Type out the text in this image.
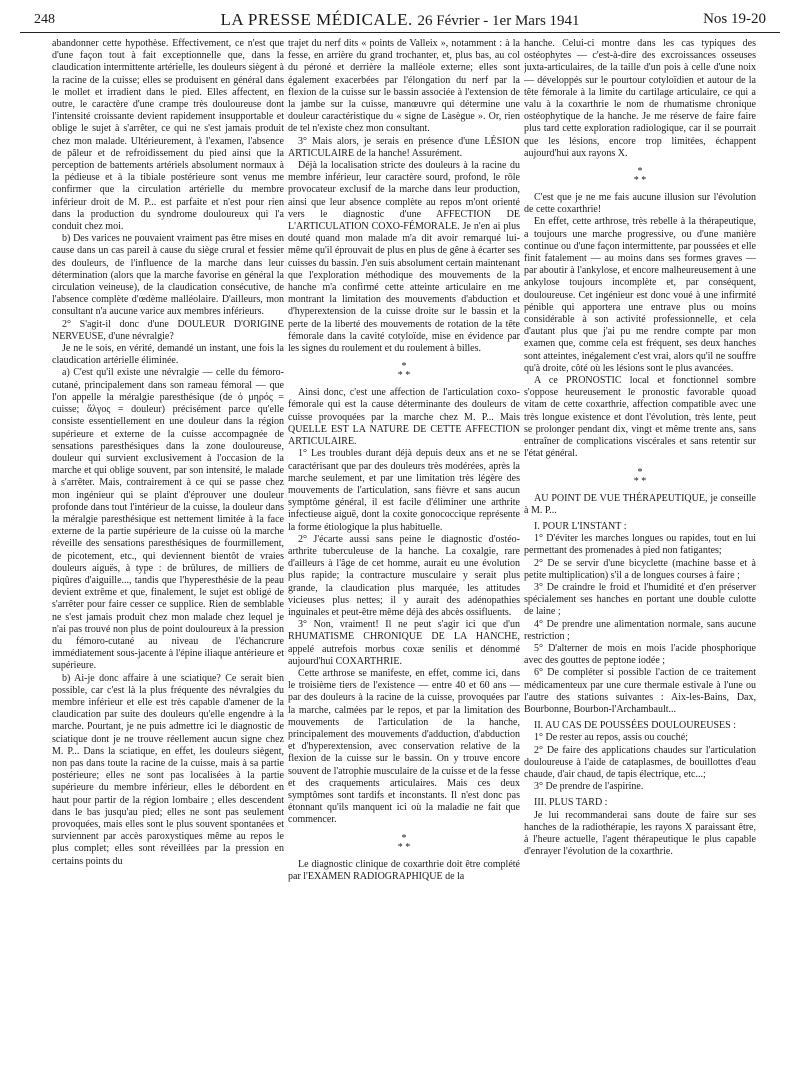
248	LA PRESSE MÉDICALE. 26 Février - 1er Mars 1941	Nos 19-20

abandonner cette hypothèse. Effectivement, ce n'est que d'une façon tout à fait exceptionnelle que, dans la claudication intermittente artérielle, les douleurs siègent à la racine de la cuisse; elles se produisent en général dans le mollet et irradient dans le pied. Elles affectent, en outre, le caractère d'une crampe très douloureuse dont l'intensité croissante devient rapidement insupportable et oblige le sujet à s'arrêter, ce qui ne s'est jamais produit chez mon malade. Ultérieurement, à l'examen, l'absence de pâleur et de refroidissement du pied ainsi que la perception de battements artériels absolument normaux à la pédieuse et à la tibiale postérieure sont venus me confirmer que la circulation artérielle du membre inférieur droit de M. P... est parfaite et n'est pour rien dans la production du syndrome douloureux qui l'a conduit chez moi.

b) Des varices ne pouvaient vraiment pas être mises en cause dans un cas pareil à cause du siège crural et fessier des douleurs, de l'influence de la marche dans leur détermination (alors que la marche favorise en général la circulation veineuse), de la claudication consécutive, de l'absence complète d'œdème malléolaire. D'ailleurs, mon consultant n'a aucune varice aux membres inférieurs.

2° S'agit-il donc d'une DOULEUR D'ORIGINE NERVEUSE, d'une névralgie?

Je ne le sois, en vérité, demandé un instant, une fois la claudication artérielle éliminée.

a) C'est qu'il existe une névralgie — celle du fémoro-cutané, principalement dans son rameau fémoral — que l'on appelle la méralgie paresthésique (de ὁ μηρός = cuisse; ἄλγος = douleur) précisément parce qu'elle consiste essentiellement en une douleur dans la région supérieure et externe de la cuisse accompagnée de sensations paresthésiques dans la zone douloureuse, douleur qui survient exclusivement à l'occasion de la marche et qui oblige souvent, par son intensité, le malade à s'arrêter. Mais, contrairement à ce qui se passe chez mon ingénieur qui se plaint d'éprouver une douleur profonde dans tout l'intérieur de la cuisse, la douleur dans la méralgie paresthésique est nettement limitée à la face externe de la partie supérieure de la cuisse où la marche réveille des sensations paresthésiques de fourmillement, de picotement, etc., qui deviennent bientôt de vraies douleurs aiguës, à type : de brûlures, de milliers de piqûres d'aiguille..., tandis que l'hyperesthésie de la peau devient extrême et que, finalement, le sujet est obligé de s'arrêter pour faire cesser ce supplice. Rien de semblable ne s'est jamais produit chez mon malade chez lequel je n'ai pas trouvé non plus de point douloureux à la pression du fémoro-cutané au niveau de l'échancrure immédiatement sous-jacente à l'épine iliaque antérieure et supérieure.

b) Ai-je donc affaire à une sciatique? Ce serait bien possible, car c'est là la plus fréquente des névralgies du membre inférieur et elle est très capable d'amener de la claudication par suite des douleurs qu'elle engendre à la marche. Pourtant, je ne puis admettre ici le diagnostic de sciatique dont je ne trouve réellement aucun signe chez M. P... Dans la sciatique, en effet, les douleurs siègent, non pas dans toute la racine de la cuisse, mais à sa partie postérieure; elles ne sont pas localisées à la partie supérieure du membre inférieur, elles le débordent en haut pour partir de la région lombaire ; elles descendent dans le bas jusqu'au pied; elles ne sont pas seulement provoquées, mais elles sont le plus souvent spontanées et surviennent par accès paroxystiques même au repos le plus complet; elles sont réveillées par la pression en certains points du

trajet du nerf dits « points de Valleix », notamment : à la fesse, en arrière du grand trochanter, et, plus bas, au col du péroné et derrière la malléole externe; elles sont également exacerbées par l'élongation du nerf par la flexion de la cuisse sur le bassin associée à l'extension de la jambe sur la cuisse, manœuvre qui détermine une douleur caractéristique du « signe de Lasègue ». Or, rien de tel n'existe chez mon consultant.

3° Mais alors, je serais en présence d'une LÉSION ARTICULAIRE de la hanche! Assurément.

Déjà la localisation stricte des douleurs à la racine du membre inférieur, leur caractère sourd, profond, le rôle provocateur exclusif de la marche dans leur production, ainsi que leur absence complète au repos m'ont orienté vers le diagnostic d'une AFFECTION DE L'ARTICULATION COXO-FÉMORALE. Je n'en ai plus douté quand mon malade m'a dit avoir remarqué lui-même qu'il éprouvait de plus en plus de gêne à écarter ses cuisses du bassin. J'en suis absolument certain maintenant que l'exploration méthodique des mouvements de la hanche m'a confirmé cette atteinte articulaire en me montrant la limitation des mouvements d'abduction et d'hyperextension de la cuisse droite sur le bassin et la perte de la liberté des mouvements de rotation de la tête fémorale dans la cavité cotyloïde, mise en évidence par les signes du roulement et du roulement à billes.

*
* *

Ainsi donc, c'est une affection de l'articulation coxo-fémorale qui est la cause déterminante des douleurs de cuisse provoquées par la marche chez M. P... Mais QUELLE EST LA NATURE DE CETTE AFFECTION ARTICULAIRE.

1° Les troubles durant déjà depuis deux ans et ne se caractérisant que par des douleurs très modérées, après la marche seulement, et par une limitation très légère des mouvements de l'articulation, sans fièvre et sans aucun symptôme général, il est facile d'éliminer une arthrite infectieuse aiguë, dont la coxite gonococcique représente la forme étiologique la plus habituelle.

2° J'écarte aussi sans peine le diagnostic d'ostéo-arthrite tuberculeuse de la hanche. La coxalgie, rare d'ailleurs à l'âge de cet homme, aurait eu une évolution plus rapide; la contracture musculaire y serait plus grande, la claudication plus marquée, les attitudes vicieuses plus nettes; il y aurait des adénopathies inguinales et peut-être même déjà des abcès ossifluents.

3° Non, vraiment! Il ne peut s'agir ici que d'un RHUMATISME CHRONIQUE DE LA HANCHE, appelé autrefois morbus coxæ senilis et dénommé aujourd'hui COXARTHRIE.

Cette arthrose se manifeste, en effet, comme ici, dans le troisième tiers de l'existence — entre 40 et 60 ans — par des douleurs à la racine de la cuisse, provoquées par la marche, calmées par le repos, et par la limitation des mouvements de l'articulation de la hanche, principalement des mouvements d'adduction, d'abduction et d'hyperextension, avec conservation relative de la flexion de la cuisse sur le bassin. On y trouve encore souvent de l'atrophie musculaire de la cuisse et de la fesse et des craquements articulaires. Mais ces deux symptômes sont tardifs et inconstants. Il n'est donc pas étonnant qu'ils manquent ici où la maladie ne fait que commencer.

*
* *

Le diagnostic clinique de coxarthrie doit être complété par l'EXAMEN RADIOGRAPHIQUE de la

hanche. Celui-ci montre dans les cas typiques des ostéophytes — c'est-à-dire des excroissances osseuses juxta-articulaires, de la taille d'un pois à celle d'une noix — développés sur le pourtour cotyloïdien et autour de la tête fémorale à la limite du cartilage articulaire, ce qui a valu à la coxarthrie le nom de rhumatisme chronique ostéophytique de la hanche. Je me réserve de faire faire plus tard cette exploration radiologique, car il se pourrait que les lésions, encore trop limitées, échappent aujourd'hui aux rayons X.

*
* *

C'est que je ne me fais aucune illusion sur l'évolution de cette coxarthrie!

En effet, cette arthrose, très rebelle à la thérapeutique, a toujours une marche progressive, ou d'une manière continue ou d'une façon intermittente, par poussées et elle finit fatalement — au moins dans ses formes graves — par aboutir à l'ankylose, et encore malheureusement à une ankylose toujours incomplète et, par conséquent, douloureuse. Cet ingénieur est donc voué à une infirmité pénible qui apportera une entrave plus ou moins considérable à son activité professionnelle, et cela d'autant plus que j'ai pu me rendre compte par mon examen que, comme cela est fréquent, ses deux hanches sont atteintes, inégalement c'est vrai, alors qu'il ne souffre qu'à droite, côté où les lésions sont le plus avancées.

A ce PRONOSTIC local et fonctionnel sombre s'oppose heureusement le pronostic favorable quoad vitam de cette coxarthrie, affection compatible avec une très longue existence et dont l'évolution, très lente, peut se prolonger pendant dix, vingt et même trente ans, sans entraîner de complications viscérales et sans retentir sur l'état général.

*
* *

AU POINT DE VUE THÉRAPEUTIQUE, je conseille à M. P...

I. POUR L'INSTANT :

1° D'éviter les marches longues ou rapides, tout en lui permettant des promenades à pied non fatigantes;

2° De se servir d'une bicyclette (machine basse et à petite multiplication) s'il a de longues courses à faire ;

3° De craindre le froid et l'humidité et d'en préserver spécialement ses hanches en portant une double culotte de laine ;

4° De prendre une alimentation normale, sans aucune restriction ;

5° D'alterner de mois en mois l'acide phosphorique avec des gouttes de peptone iodée ;

6° De compléter si possible l'action de ce traitement médicamenteux par une cure thermale estivale à l'une ou l'autre des stations suivantes : Aix-les-Bains, Dax, Bourbonne, Bourbon-l'Archambault...

II. AU CAS DE POUSSÉES DOULOUREUSES :

1° De rester au repos, assis ou couché;

2° De faire des applications chaudes sur l'articulation douloureuse à l'aide de cataplasmes, de bouillottes d'eau chaude, d'air chaud, de tapis électrique, etc...;

3° De prendre de l'aspirine.

III. PLUS TARD :

Je lui recommanderai sans doute de faire sur ses hanches de la radiothérapie, les rayons X paraissant être, à l'heure actuelle, l'agent thérapeutique le plus capable d'enrayer l'évolution de la coxarthrie.
